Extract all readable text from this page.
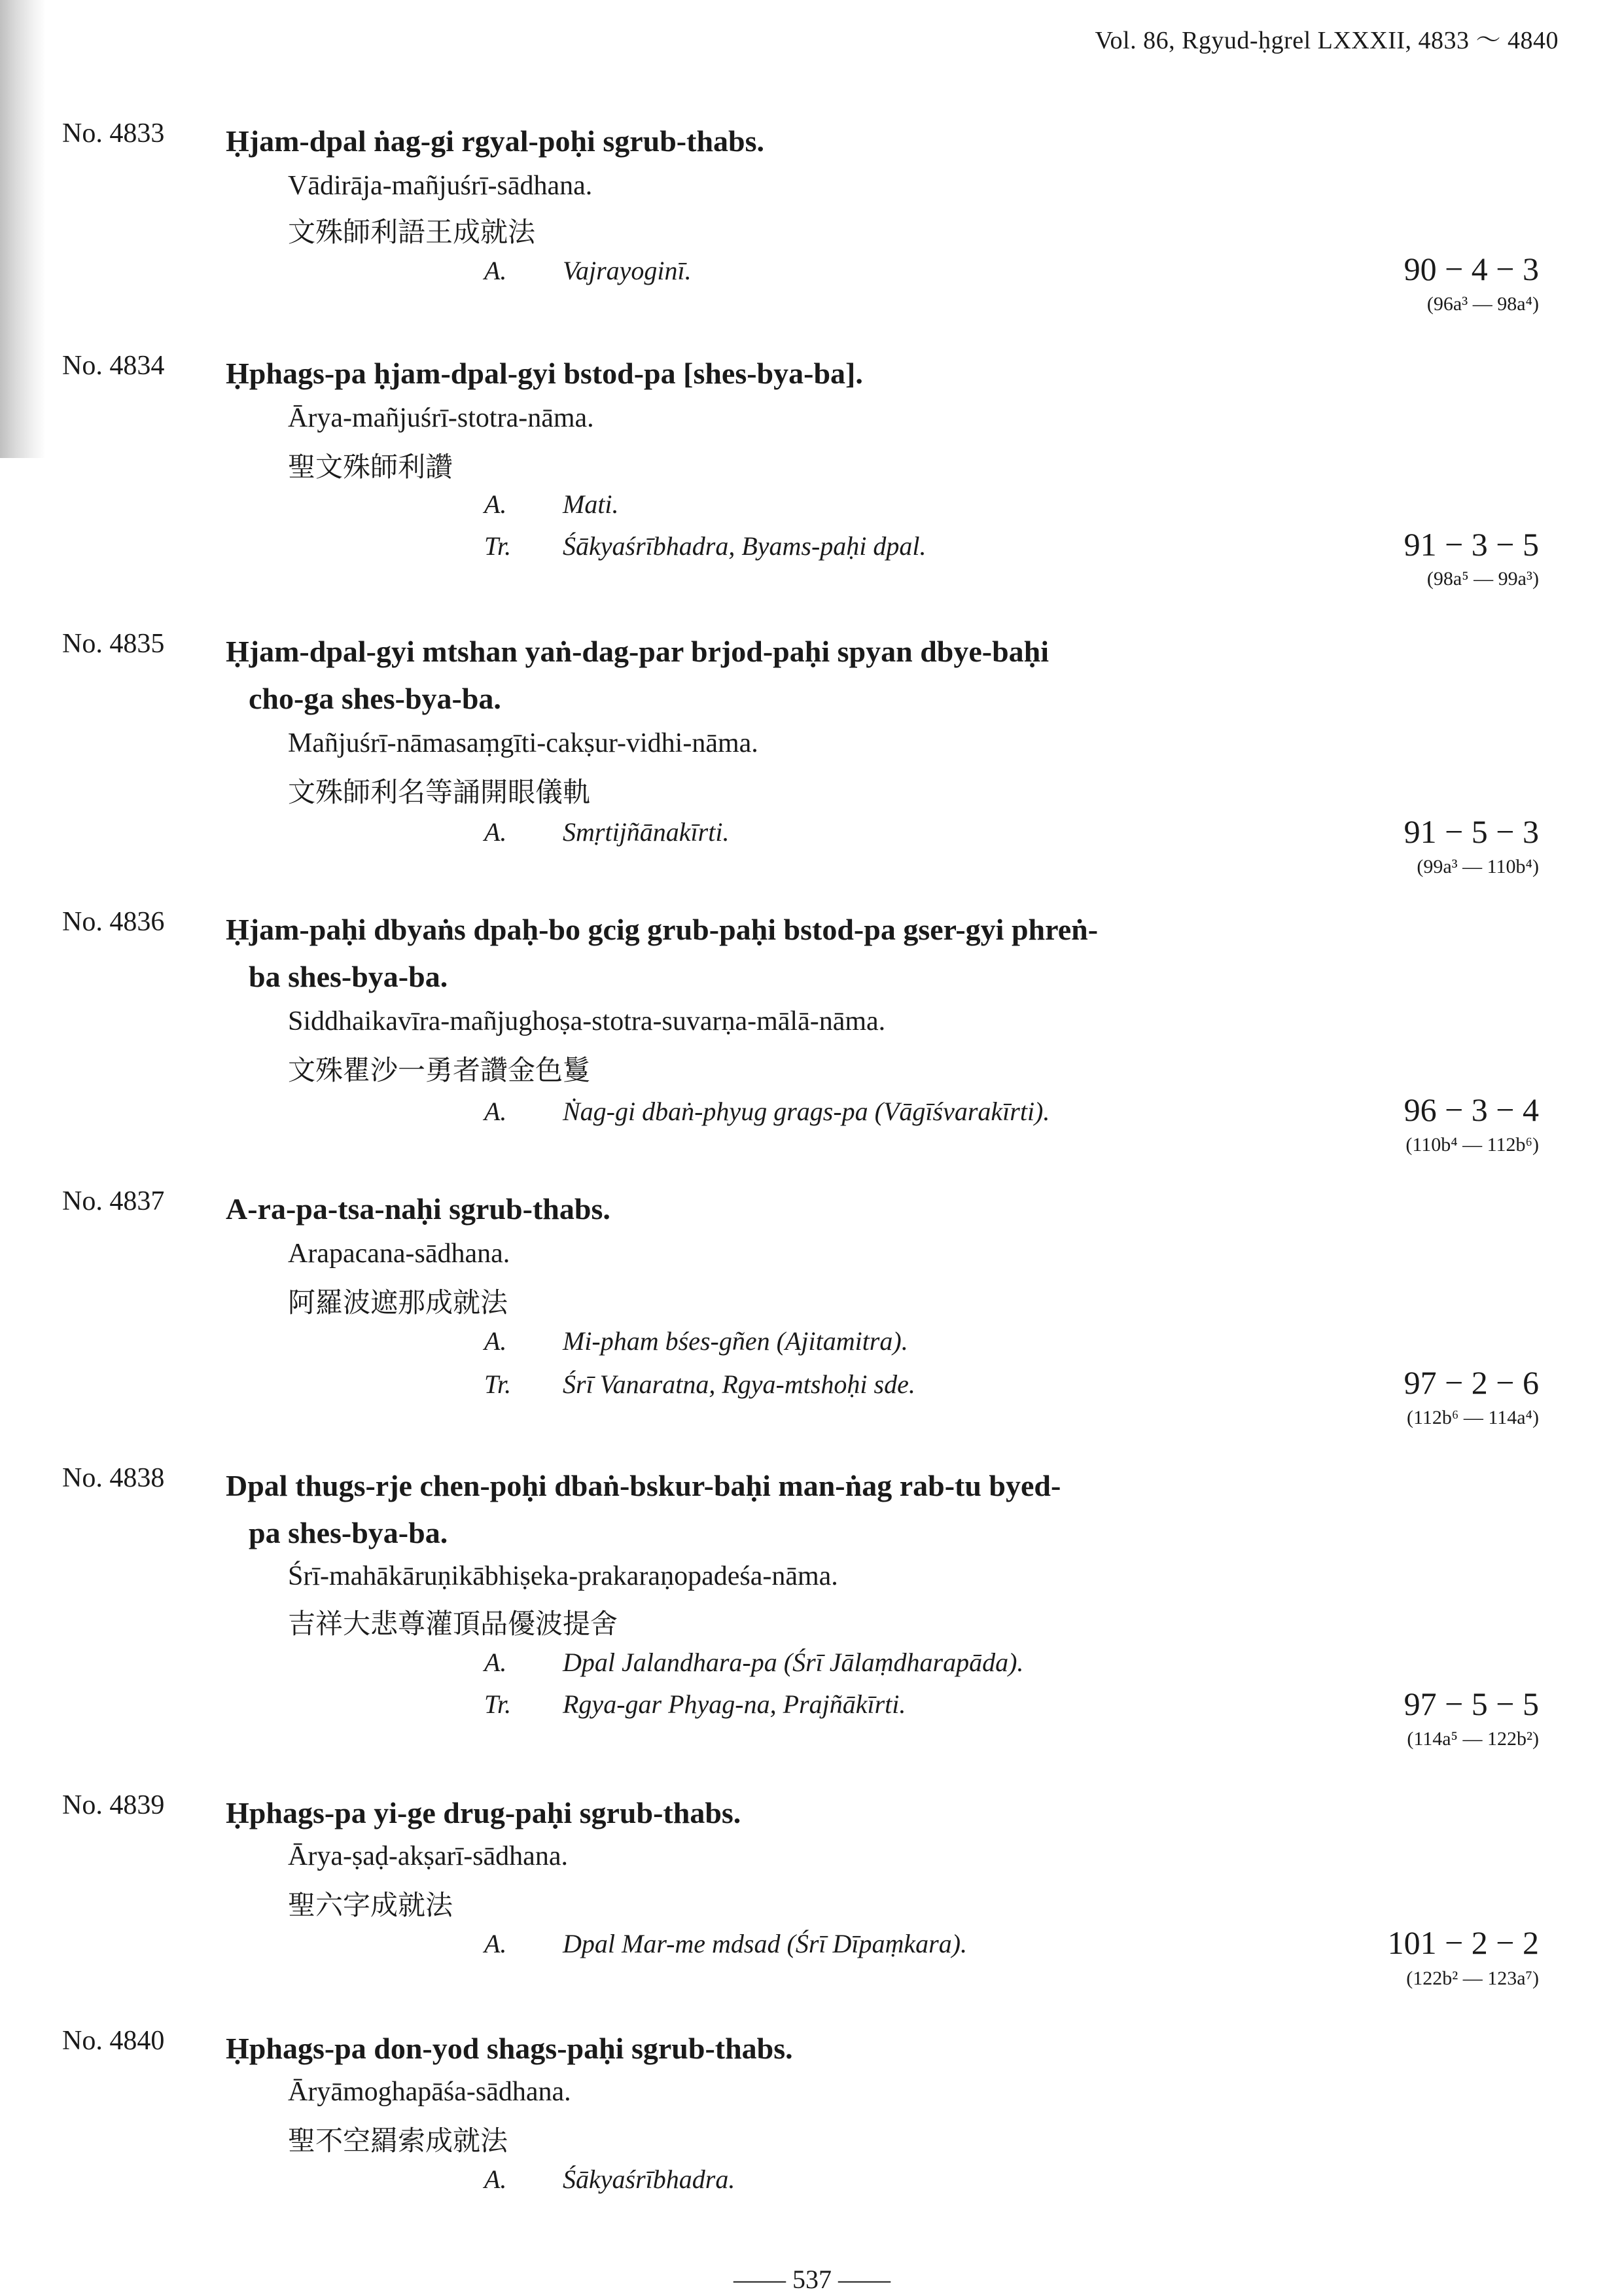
Vol. 86, Rgyud-ḥgrel LXXXII, 4833 ～ 4840
No. 4833 Ḥjam-dpal ṅag-gi rgyal-poḥi sgrub-thabs.
Vādirāja-mañjuśrī-sādhana.
文殊師利語王成就法
A. Vajrayoginī.	90 − 4 − 3
(96a³ — 98a⁴)
No. 4834 Ḥphags-pa ḥjam-dpal-gyi bstod-pa [shes-bya-ba].
Ārya-mañjuśrī-stotra-nāma.
聖文殊師利讚
A. Mati.
Tr. Śākyaśrībhadra, Byams-paḥi dpal.	91 − 3 − 5
(98a⁵ — 99a³)
No. 4835 Ḥjam-dpal-gyi mtshan yaṅ-dag-par brjod-paḥi spyan dbye-baḥi
cho-ga shes-bya-ba.
Mañjuśrī-nāmasaṃgīti-cakṣur-vidhi-nāma.
文殊師利名等誦開眼儀軌
A. Smṛtijñānakīrti.	91 − 5 − 3
(99a³ — 110b⁴)
No. 4836 Ḥjam-paḥi dbyaṅs dpaḥ-bo gcig grub-paḥi bstod-pa gser-gyi phreṅ-
ba shes-bya-ba.
Siddhaikavīra-mañjughoṣa-stotra-suvarṇa-mālā-nāma.
文殊瞿沙一勇者讚金色鬘
A. Ṅag-gi dbaṅ-phyug grags-pa (Vāgīśvarakīrti).	96 − 3 − 4
(110b⁴ — 112b⁶)
No. 4837 A-ra-pa-tsa-naḥi sgrub-thabs.
Arapacana-sādhana.
阿羅波遮那成就法
A. Mi-pham bśes-gñen (Ajitamitra).
Tr. Śrī Vanaratna, Rgya-mtshoḥi sde.	97 − 2 − 6
(112b⁶ — 114a⁴)
No. 4838 Dpal thugs-rje chen-poḥi dbaṅ-bskur-baḥi man-ṅag rab-tu byed-
pa shes-bya-ba.
Śrī-mahākāruṇikābhiṣeka-prakaraṇopadeśa-nāma.
吉祥大悲尊灌頂品優波提舍
A. Dpal Jalandhara-pa (Śrī Jālaṃdharapāda).
Tr. Rgya-gar Phyag-na, Prajñākīrti.	97 − 5 − 5
(114a⁵ — 122b²)
No. 4839 Ḥphags-pa yi-ge drug-paḥi sgrub-thabs.
Ārya-ṣaḍ-akṣarī-sādhana.
聖六字成就法
A. Dpal Mar-me mdsad (Śrī Dīpaṃkara).	101 − 2 − 2
(122b² — 123a⁷)
No. 4840 Ḥphags-pa don-yod shags-paḥi sgrub-thabs.
Āryāmoghapāśa-sādhana.
聖不空羂索成就法
A. Śākyaśrībhadra.
—— 537 ——
